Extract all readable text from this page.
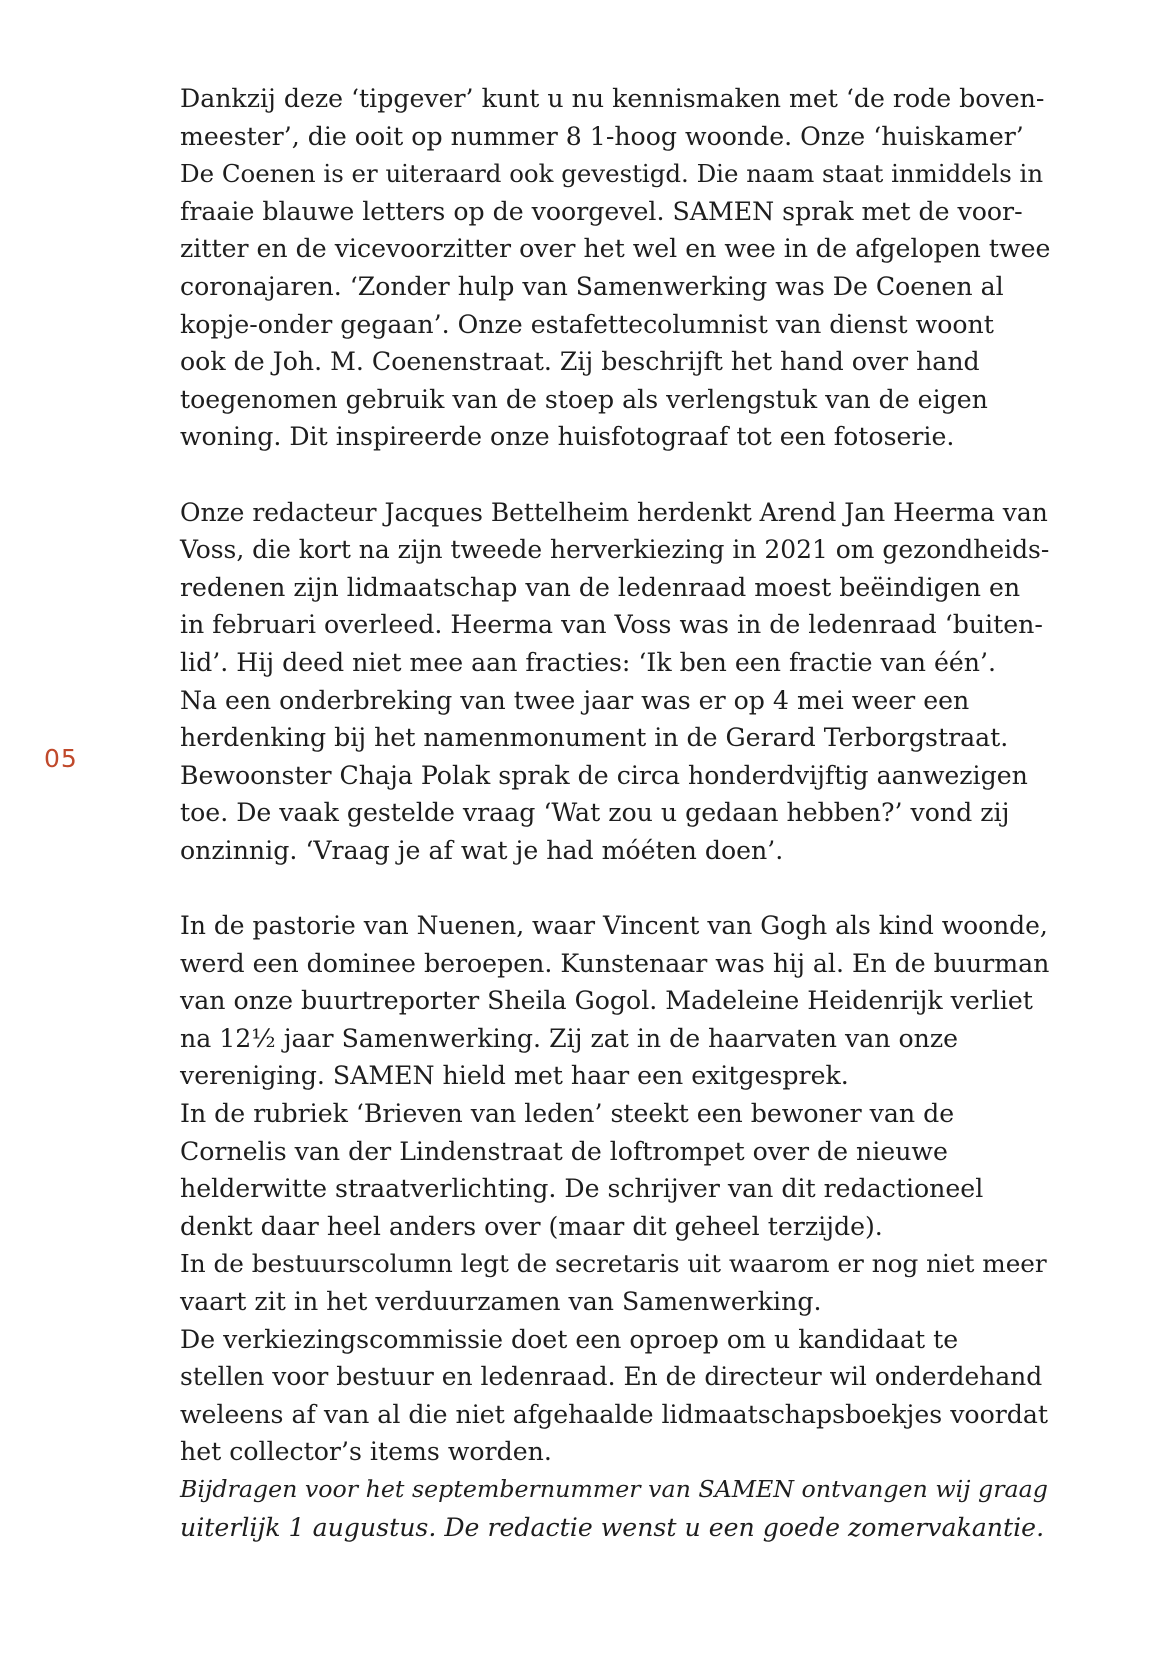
05
Dankzij deze ‘tipgever’ kunt u nu kennismaken met ‘de rode boven-
meester’, die ooit op nummer 8 1-hoog woonde. Onze ‘huiskamer’
De Coenen is er uiteraard ook gevestigd. Die naam staat inmiddels in
fraaie blauwe letters op de voorgevel. SAMEN sprak met de voor-
zitter en de vicevoorzitter over het wel en wee in de afgelopen twee
coronajaren. ‘Zonder hulp van Samenwerking was De Coenen al
kopje-onder gegaan’. Onze estafettecolumnist van dienst woont
ook de Joh. M. Coenenstraat. Zij beschrijft het hand over hand
toegenomen gebruik van de stoep als verlengstuk van de eigen
woning. Dit inspireerde onze huisfotograaf tot een fotoserie.
Onze redacteur Jacques Bettelheim herdenkt Arend Jan Heerma van
Voss, die kort na zijn tweede herverkiezing in 2021 om gezondheids-
redenen zijn lidmaatschap van de ledenraad moest beëindigen en
in februari overleed. Heerma van Voss was in de ledenraad ‘buiten-
lid’. Hij deed niet mee aan fracties: ‘Ik ben een fractie van één’.
Na een onderbreking van twee jaar was er op 4 mei weer een
herdenking bij het namenmonument in de Gerard Terborgstraat.
Bewoonster Chaja Polak sprak de circa honderdvijftig aanwezigen
toe. De vaak gestelde vraag ‘Wat zou u gedaan hebben?’ vond zij
onzinnig. ‘Vraag je af wat je had móéten doen’.
In de pastorie van Nuenen, waar Vincent van Gogh als kind woonde,
werd een dominee beroepen. Kunstenaar was hij al. En de buurman
van onze buurtreporter Sheila Gogol. Madeleine Heidenrijk verliet
na 12½ jaar Samenwerking. Zij zat in de haarvaten van onze
vereniging. SAMEN hield met haar een exitgesprek.
In de rubriek ‘Brieven van leden’ steekt een bewoner van de
Cornelis van der Lindenstraat de loftrompet over de nieuwe
helderwitte straatverlichting. De schrijver van dit redactioneel
denkt daar heel anders over (maar dit geheel terzijde).
In de bestuurscolumn legt de secretaris uit waarom er nog niet meer
vaart zit in het verduurzamen van Samenwerking.
De verkiezingscommissie doet een oproep om u kandidaat te
stellen voor bestuur en ledenraad. En de directeur wil onderdehand
weleens af van al die niet afgehaalde lidmaatschapsboekjes voordat
het collector’s items worden.
Bijdragen voor het septembernummer van SAMEN ontvangen wij graag
uiterlijk 1 augustus. De redactie wenst u een goede zomervakantie.
